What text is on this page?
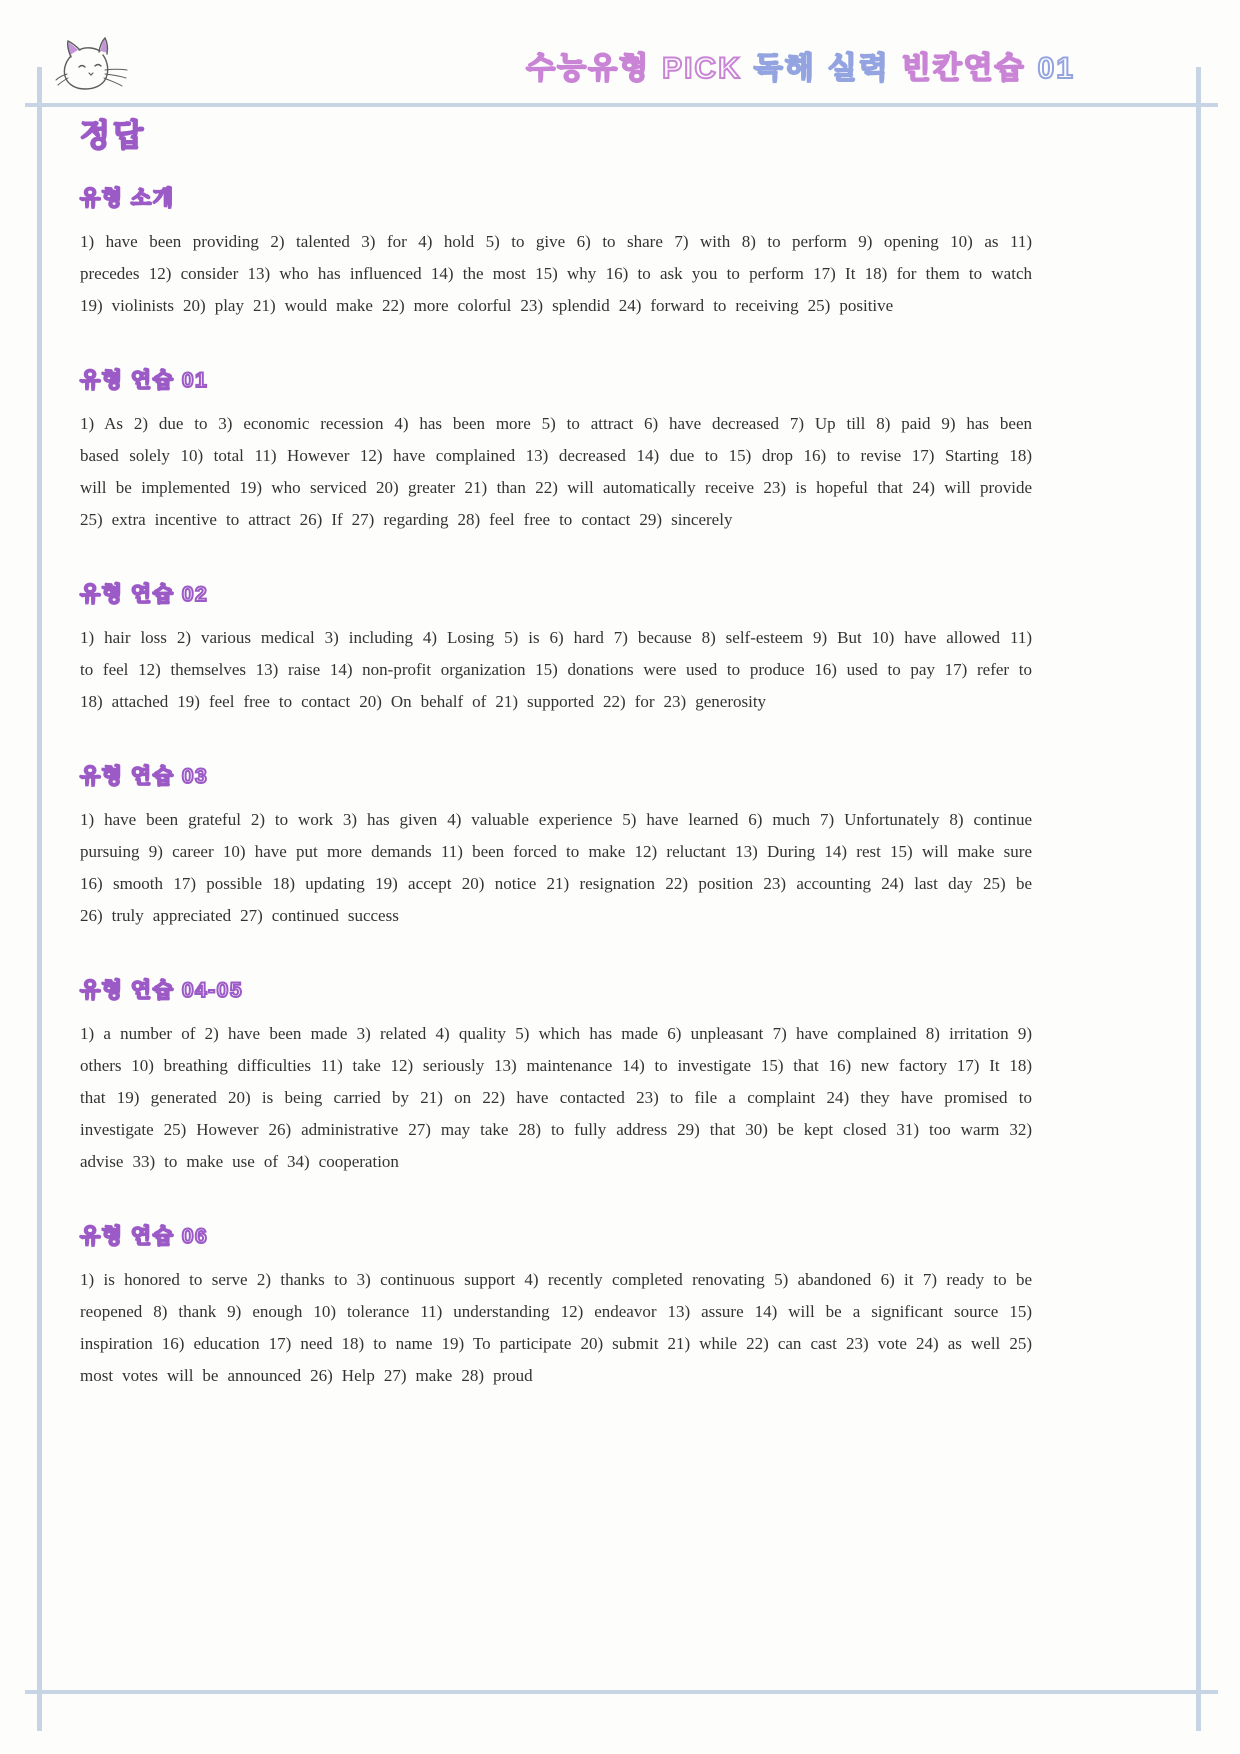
수능유형 PICK 독해 실력 빈칸연습 01
정답
유형 소개

1) have been providing 2) talented 3) for 4) hold 5) to give 6) to share 7) with 8) to perform 9) opening 10) as 11) precedes 12) consider 13) who has influenced 14) the most 15) why 16) to ask you to perform 17) It 18) for them to watch 19) violinists 20) play 21) would make 22) more colorful 23) splendid 24) forward to receiving 25) positive

유형 연습 01

1) As 2) due to 3) economic recession 4) has been more 5) to attract 6) have decreased 7) Up till 8) paid 9) has been based solely 10) total 11) However 12) have complained 13) decreased 14) due to 15) drop 16) to revise 17) Starting 18) will be implemented 19) who serviced 20) greater 21) than 22) will automatically receive 23) is hopeful that 24) will provide 25) extra incentive to attract 26) If 27) regarding 28) feel free to contact 29) sincerely

유형 연습 02

1) hair loss 2) various medical 3) including 4) Losing 5) is 6) hard 7) because 8) self-esteem 9) But 10) have allowed 11) to feel 12) themselves 13) raise 14) non-profit organization 15) donations were used to produce 16) used to pay 17) refer to 18) attached 19) feel free to contact 20) On behalf of 21) supported 22) for 23) generosity

유형 연습 03

1) have been grateful 2) to work 3) has given 4) valuable experience 5) have learned 6) much 7) Unfortunately 8) continue pursuing 9) career 10) have put more demands 11) been forced to make 12) reluctant 13) During 14) rest 15) will make sure 16) smooth 17) possible 18) updating 19) accept 20) notice 21) resignation 22) position 23) accounting 24) last day 25) be 26) truly appreciated 27) continued success

유형 연습 04-05

1) a number of 2) have been made 3) related 4) quality 5) which has made 6) unpleasant 7) have complained 8) irritation 9) others 10) breathing difficulties 11) take 12) seriously 13) maintenance 14) to investigate 15) that 16) new factory 17) It 18) that 19) generated 20) is being carried by 21) on 22) have contacted 23) to file a complaint 24) they have promised to investigate 25) However 26) administrative 27) may take 28) to fully address 29) that 30) be kept closed 31) too warm 32) advise 33) to make use of 34) cooperation

유형 연습 06

1) is honored to serve 2) thanks to 3) continuous support 4) recently completed renovating 5) abandoned 6) it 7) ready to be reopened 8) thank 9) enough 10) tolerance 11) understanding 12) endeavor 13) assure 14) will be a significant source 15) inspiration 16) education 17) need 18) to name 19) To participate 20) submit 21) while 22) can cast 23) vote 24) as well 25) most votes will be announced 26) Help 27) make 28) proud
